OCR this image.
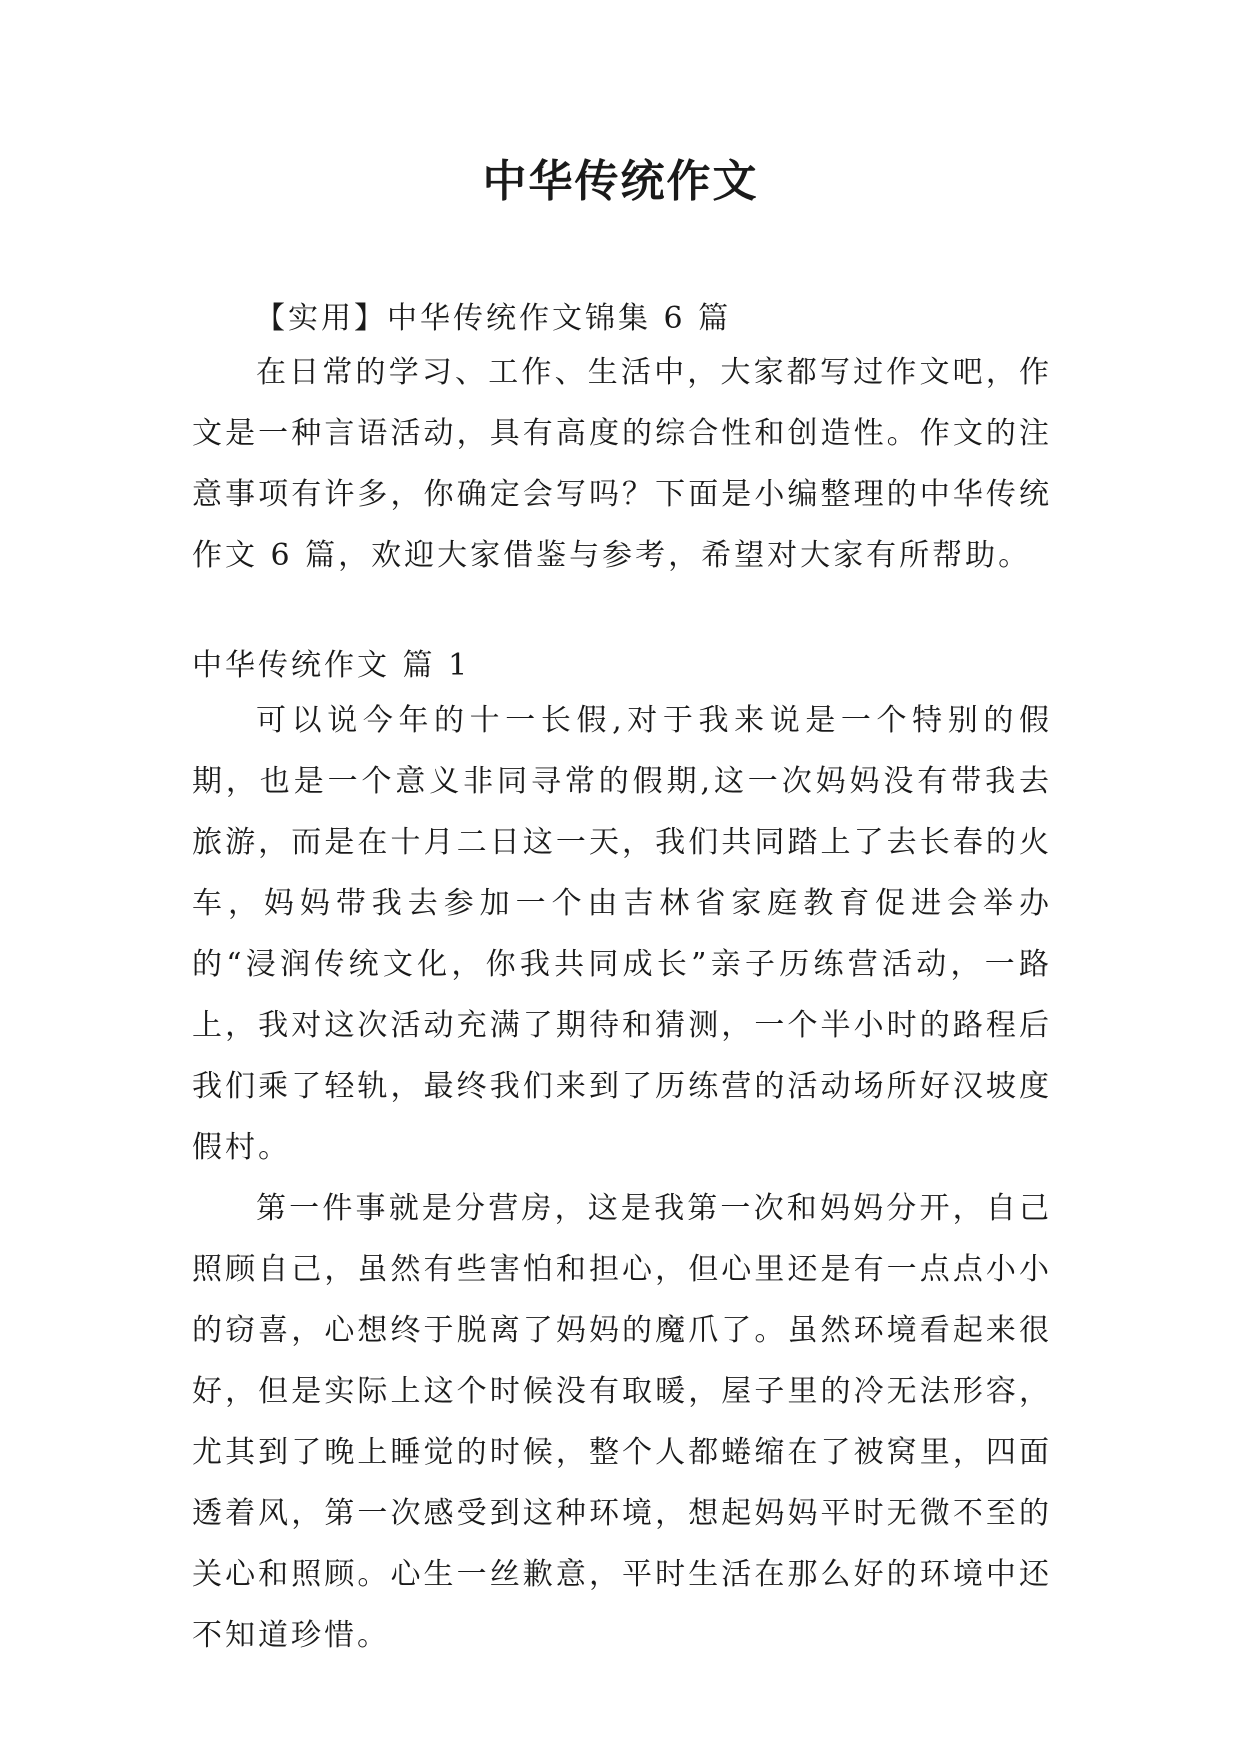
中华传统作文
【实用】中华传统作文锦集 6 篇

在日常的学习、工作、生活中，大家都写过作文吧，作文是一种言语活动，具有高度的综合性和创造性。作文的注意事项有许多，你确定会写吗？下面是小编整理的中华传统作文 6 篇，欢迎大家借鉴与参考，希望对大家有所帮助。

中华传统作文 篇 1

可以说今年的十一长假,对于我来说是一个特别的假期，也是一个意义非同寻常的假期,这一次妈妈没有带我去旅游，而是在十月二日这一天，我们共同踏上了去长春的火车，妈妈带我去参加一个由吉林省家庭教育促进会举办的“浸润传统文化，你我共同成长”亲子历练营活动，一路上，我对这次活动充满了期待和猜测，一个半小时的路程后我们乘了轻轨，最终我们来到了历练营的活动场所好汉坡度假村。

第一件事就是分营房，这是我第一次和妈妈分开，自己照顾自己，虽然有些害怕和担心，但心里还是有一点点小小的窃喜，心想终于脱离了妈妈的魔爪了。虽然环境看起来很好，但是实际上这个时候没有取暖，屋子里的冷无法形容，尤其到了晚上睡觉的时候，整个人都蜷缩在了被窝里，四面透着风，第一次感受到这种环境，想起妈妈平时无微不至的关心和照顾。心生一丝歉意，平时生活在那么好的环境中还不知道珍惜。
